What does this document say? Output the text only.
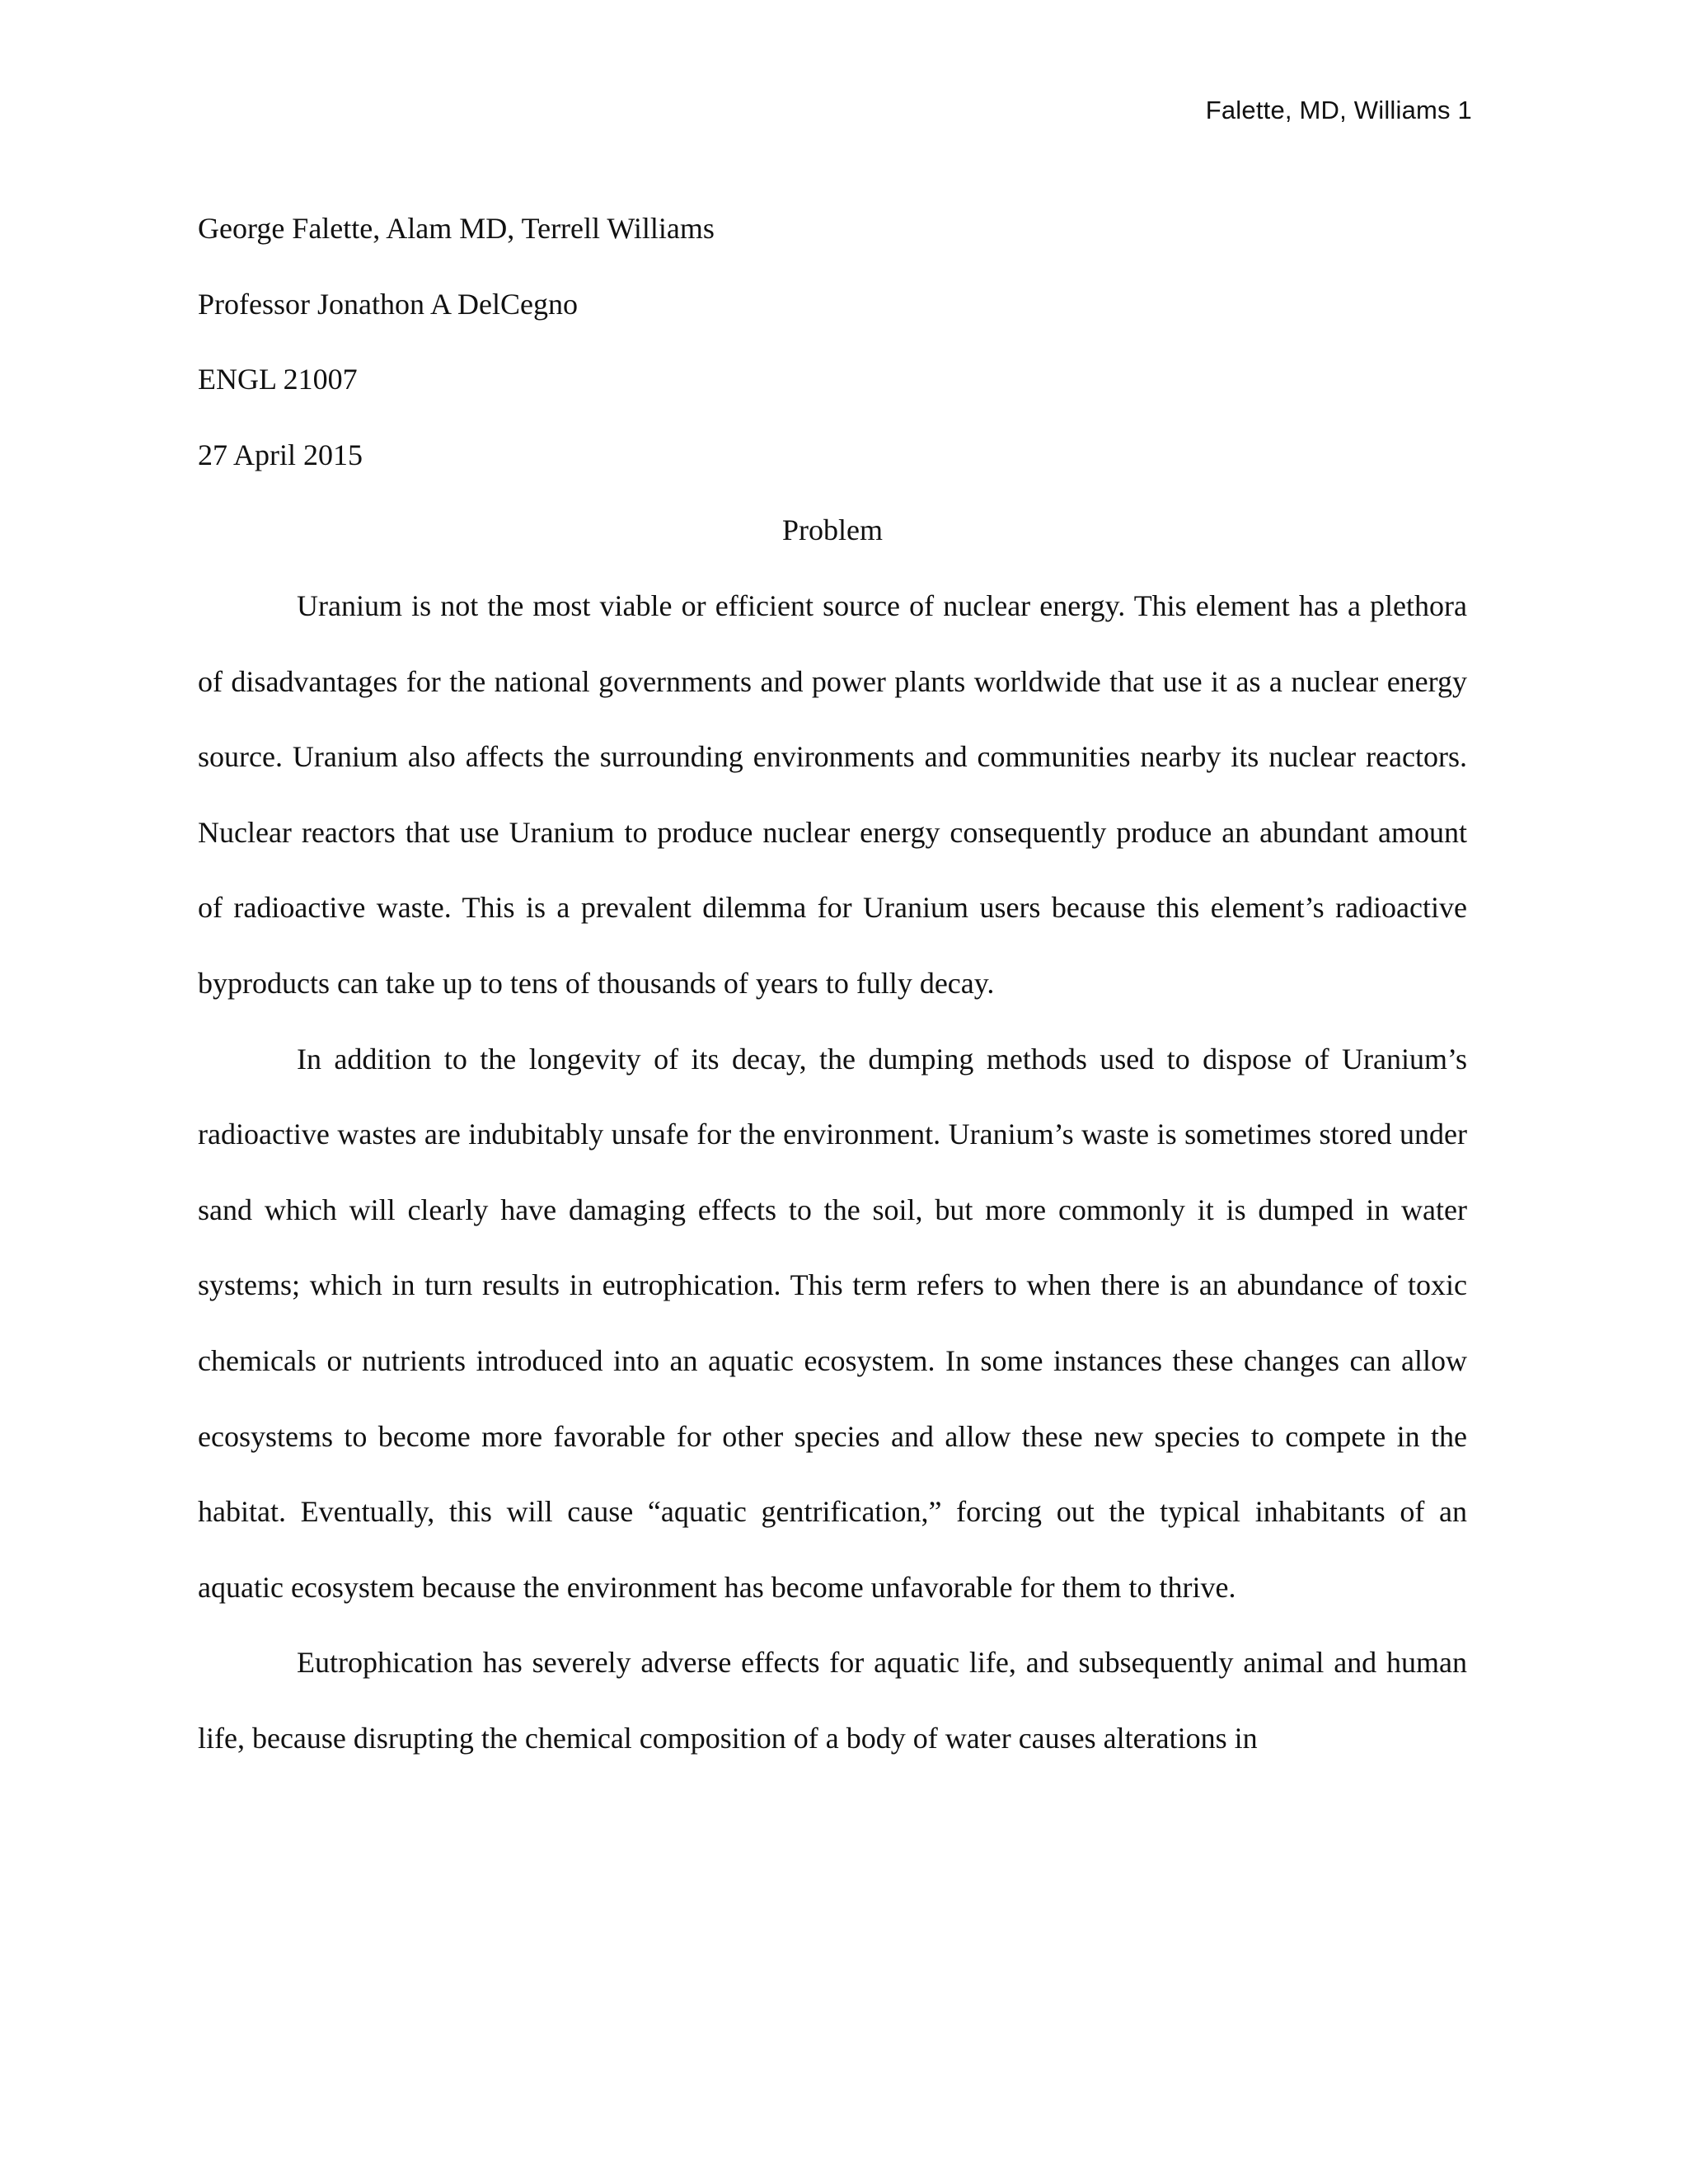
Falette, MD, Williams 1

George Falette, Alam MD, Terrell Williams

Professor Jonathon A DelCegno

ENGL 21007

27 April 2015

Problem

Uranium is not the most viable or efficient source of nuclear energy. This element has a plethora of disadvantages for the national governments and power plants worldwide that use it as a nuclear energy source. Uranium also affects the surrounding environments and communities nearby its nuclear reactors. Nuclear reactors that use Uranium to produce nuclear energy consequently produce an abundant amount of radioactive waste. This is a prevalent dilemma for Uranium users because this element’s radioactive byproducts can take up to tens of thousands of years to fully decay.

In addition to the longevity of its decay, the dumping methods used to dispose of Uranium’s radioactive wastes are indubitably unsafe for the environment. Uranium’s waste is sometimes stored under sand which will clearly have damaging effects to the soil, but more commonly it is dumped in water systems; which in turn results in eutrophication. This term refers to when there is an abundance of toxic chemicals or nutrients introduced into an aquatic ecosystem. In some instances these changes can allow ecosystems to become more favorable for other species and allow these new species to compete in the habitat. Eventually, this will cause “aquatic gentrification,” forcing out the typical inhabitants of an aquatic ecosystem because the environment has become unfavorable for them to thrive.

Eutrophication has severely adverse effects for aquatic life, and subsequently animal and human life, because disrupting the chemical composition of a body of water causes alterations in
